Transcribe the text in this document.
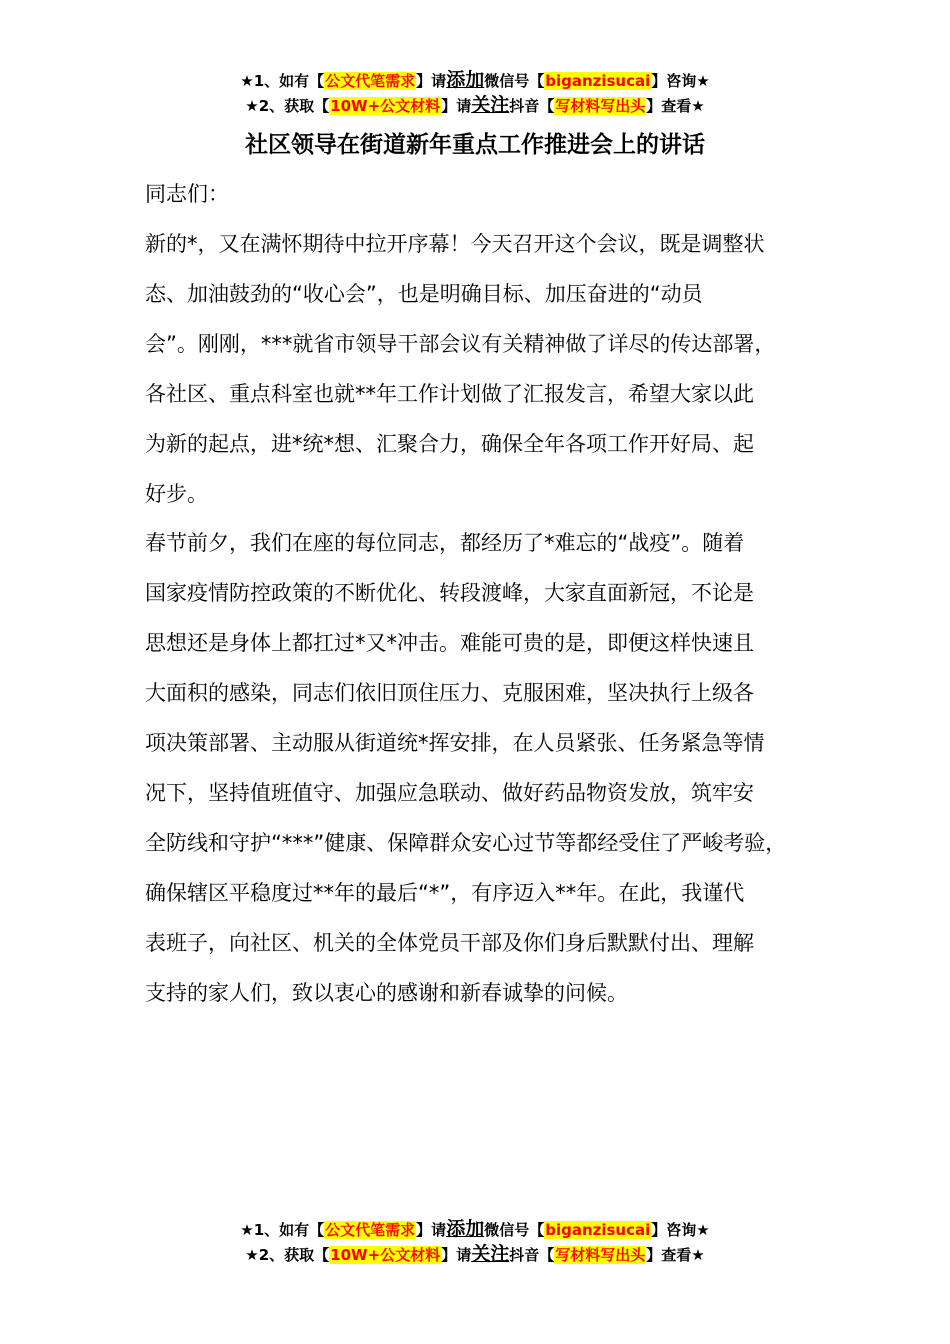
★1、如有【公文代笔需求】请添加微信号【biganzisucai】咨询★
★2、获取【10W+公文材料】请关注抖音【写材料写出头】查看★
社区领导在街道新年重点工作推进会上的讲话
同志们：
新的*，又在满怀期待中拉开序幕！今天召开这个会议，既是调整状
态、加油鼓劲的“收心会”，也是明确目标、加压奋进的“动员
会”。刚刚，***就省市领导干部会议有关精神做了详尽的传达部署，
各社区、重点科室也就**年工作计划做了汇报发言，希望大家以此
为新的起点，进*统*想、汇聚合力，确保全年各项工作开好局、起
好步。
春节前夕，我们在座的每位同志，都经历了*难忘的“战疫”。随着
国家疫情防控政策的不断优化、转段渡峰，大家直面新冠，不论是
思想还是身体上都扛过*又*冲击。难能可贵的是，即便这样快速且
大面积的感染，同志们依旧顶住压力、克服困难，坚决执行上级各
项决策部署、主动服从街道统*挥安排，在人员紧张、任务紧急等情
况下，坚持值班值守、加强应急联动、做好药品物资发放，筑牢安
全防线和守护“***”健康、保障群众安心过节等都经受住了严峻考验，
确保辖区平稳度过**年的最后“*”，有序迈入**年。在此，我谨代
表班子，向社区、机关的全体党员干部及你们身后默默付出、理解
支持的家人们，致以衷心的感谢和新春诚挚的问候。
★1、如有【公文代笔需求】请添加微信号【biganzisucai】咨询★
★2、获取【10W+公文材料】请关注抖音【写材料写出头】查看★
